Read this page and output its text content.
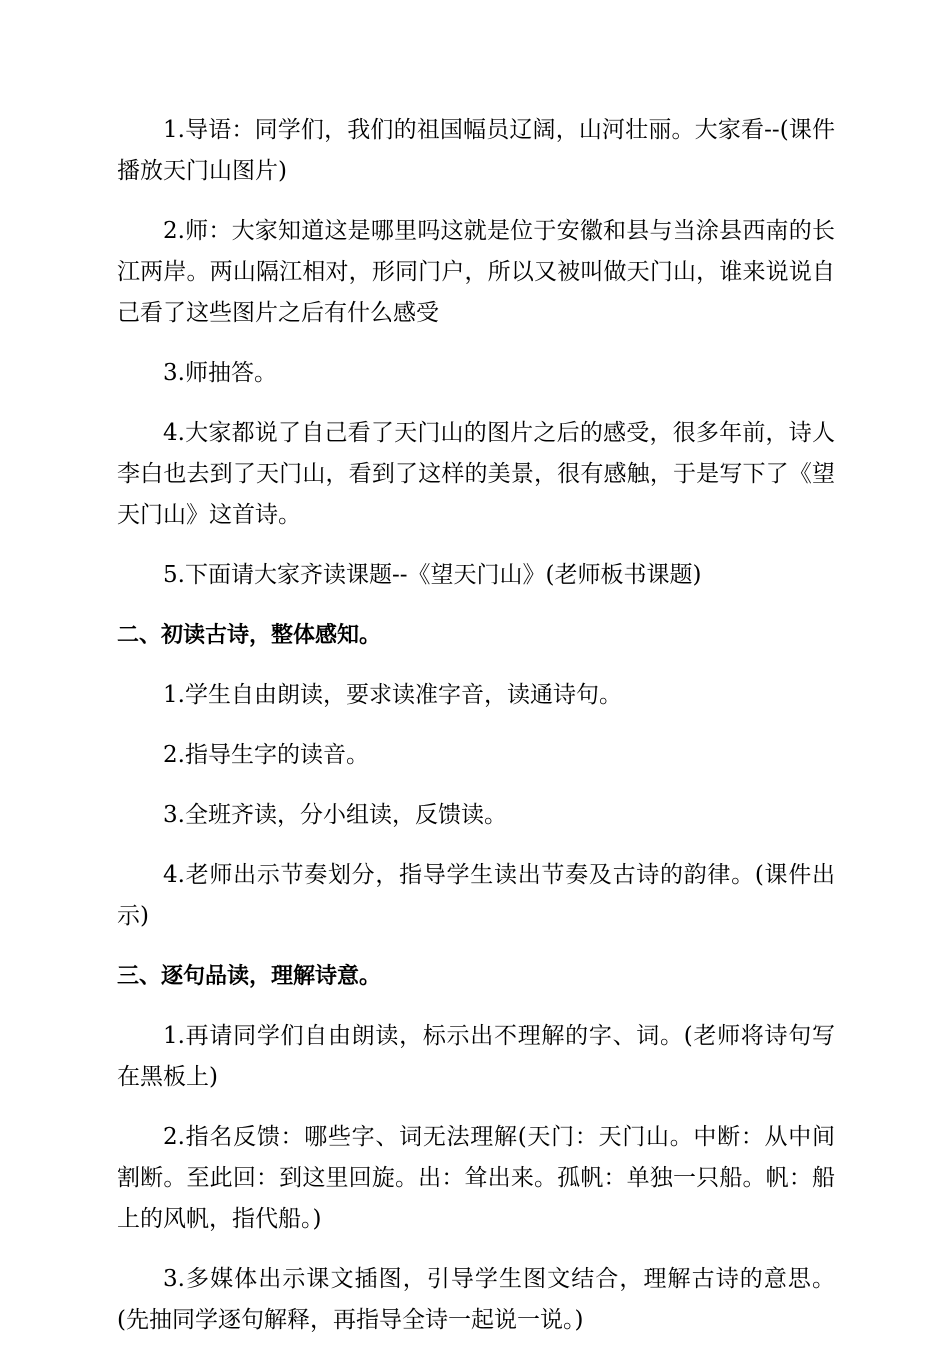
1.导语：同学们，我们的祖国幅员辽阔，山河壮丽。大家看--(课件播放天门山图片)

2.师：大家知道这是哪里吗这就是位于安徽和县与当涂县西南的长江两岸。两山隔江相对，形同门户，所以又被叫做天门山，谁来说说自己看了这些图片之后有什么感受

3.师抽答。

4.大家都说了自己看了天门山的图片之后的感受，很多年前，诗人李白也去到了天门山，看到了这样的美景，很有感触，于是写下了《望天门山》这首诗。

5.下面请大家齐读课题--《望天门山》(老师板书课题)

二、初读古诗，整体感知。

1.学生自由朗读，要求读准字音，读通诗句。

2.指导生字的读音。

3.全班齐读，分小组读，反馈读。

4.老师出示节奏划分，指导学生读出节奏及古诗的韵律。(课件出示)

三、逐句品读，理解诗意。

1.再请同学们自由朗读，标示出不理解的字、词。(老师将诗句写在黑板上)

2.指名反馈：哪些字、词无法理解(天门：天门山。中断：从中间割断。至此回：到这里回旋。出：耸出来。孤帆：单独一只船。帆：船上的风帆，指代船。)

3.多媒体出示课文插图，引导学生图文结合，理解古诗的意思。(先抽同学逐句解释，再指导全诗一起说一说。)
